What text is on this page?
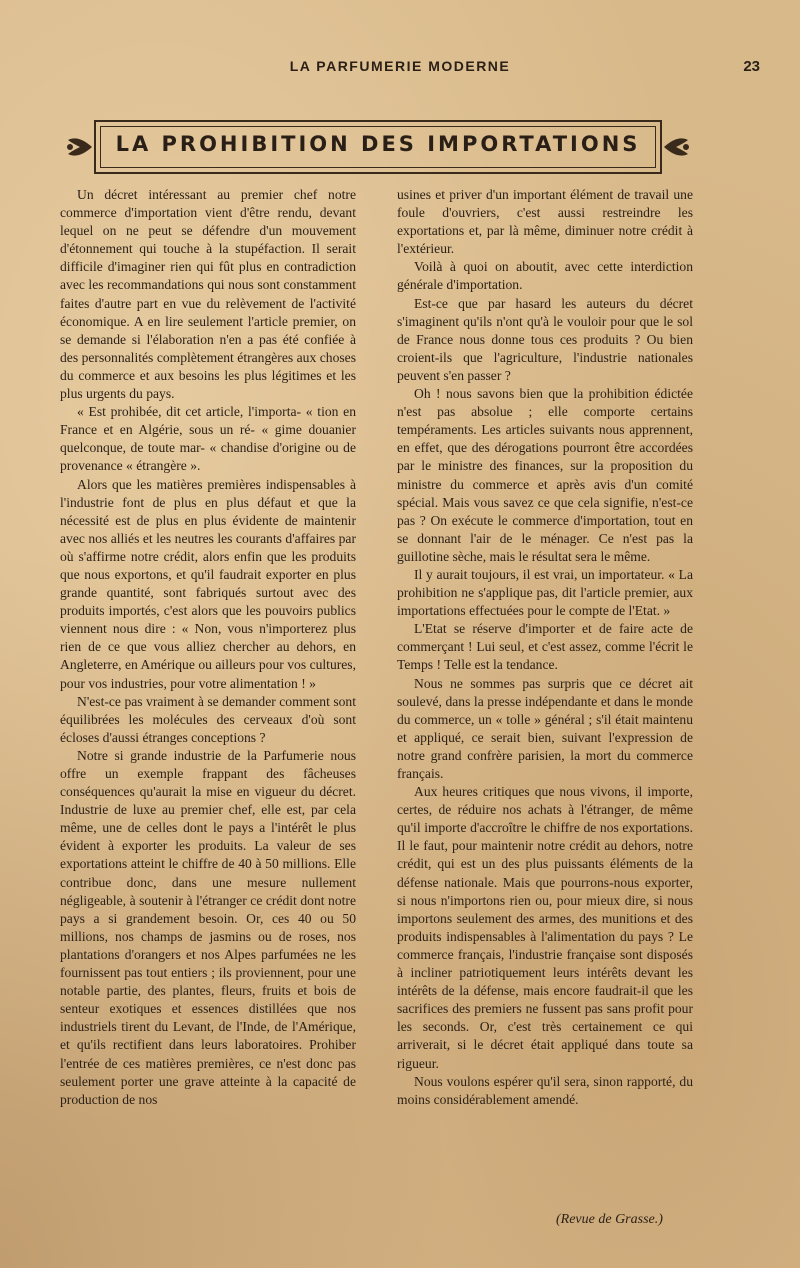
LA PARFUMERIE MODERNE	23
LA PROHIBITION DES IMPORTATIONS

Un décret intéressant au premier chef notre commerce d'importation vient d'être rendu, devant lequel on ne peut se défendre d'un mouvement d'étonnement qui touche à la stupéfaction. Il serait difficile d'imaginer rien qui fût plus en contradiction avec les recommandations qui nous sont constamment faites d'autre part en vue du relèvement de l'activité économique. A en lire seulement l'article premier, on se demande si l'élaboration n'en a pas été confiée à des personnalités complètement étrangères aux choses du commerce et aux besoins les plus légitimes et les plus urgents du pays.

« Est prohibée, dit cet article, l'importa- « tion en France et en Algérie, sous un ré- « gime douanier quelconque, de toute mar- « chandise d'origine ou de provenance « étrangère ».

Alors que les matières premières indispensables à l'industrie font de plus en plus défaut et que la nécessité est de plus en plus évidente de maintenir avec nos alliés et les neutres les courants d'affaires par où s'affirme notre crédit, alors enfin que les produits que nous exportons, et qu'il faudrait exporter en plus grande quantité, sont fabriqués surtout avec des produits importés, c'est alors que les pouvoirs publics viennent nous dire : « Non, vous n'importerez plus rien de ce que vous alliez chercher au dehors, en Angleterre, en Amérique ou ailleurs pour vos cultures, pour vos industries, pour votre alimentation ! »

N'est-ce pas vraiment à se demander comment sont équilibrées les molécules des cerveaux d'où sont écloses d'aussi étranges conceptions ?

Notre si grande industrie de la Parfumerie nous offre un exemple frappant des fâcheuses conséquences qu'aurait la mise en vigueur du décret. Industrie de luxe au premier chef, elle est, par cela même, une de celles dont le pays a l'intérêt le plus évident à exporter les produits. La valeur de ses exportations atteint le chiffre de 40 à 50 millions. Elle contribue donc, dans une mesure nullement négligeable, à soutenir à l'étranger ce crédit dont notre pays a si grandement besoin. Or, ces 40 ou 50 millions, nos champs de jasmins ou de roses, nos plantations d'orangers et nos Alpes parfumées ne les fournissent pas tout entiers ; ils proviennent, pour une notable partie, des plantes, fleurs, fruits et bois de senteur exotiques et essences distillées que nos industriels tirent du Levant, de l'Inde, de l'Amérique, et qu'ils rectifient dans leurs laboratoires. Prohiber l'entrée de ces matières premières, ce n'est donc pas seulement porter une grave atteinte à la capacité de production de nos

usines et priver d'un important élément de travail une foule d'ouvriers, c'est aussi restreindre les exportations et, par là même, diminuer notre crédit à l'extérieur.

Voilà à quoi on aboutit, avec cette interdiction générale d'importation.

Est-ce que par hasard les auteurs du décret s'imaginent qu'ils n'ont qu'à le vouloir pour que le sol de France nous donne tous ces produits ? Ou bien croient-ils que l'agriculture, l'industrie nationales peuvent s'en passer ?

Oh ! nous savons bien que la prohibition édictée n'est pas absolue ; elle comporte certains tempéraments. Les articles suivants nous apprennent, en effet, que des dérogations pourront être accordées par le ministre des finances, sur la proposition du ministre du commerce et après avis d'un comité spécial. Mais vous savez ce que cela signifie, n'est-ce pas ? On exécute le commerce d'importation, tout en se donnant l'air de le ménager. Ce n'est pas la guillotine sèche, mais le résultat sera le même.

Il y aurait toujours, il est vrai, un importateur. « La prohibition ne s'applique pas, dit l'article premier, aux importations effectuées pour le compte de l'Etat. »

L'Etat se réserve d'importer et de faire acte de commerçant ! Lui seul, et c'est assez, comme l'écrit le Temps ! Telle est la tendance.

Nous ne sommes pas surpris que ce décret ait soulevé, dans la presse indépendante et dans le monde du commerce, un « tolle » général ; s'il était maintenu et appliqué, ce serait bien, suivant l'expression de notre grand confrère parisien, la mort du commerce français.

Aux heures critiques que nous vivons, il importe, certes, de réduire nos achats à l'étranger, de même qu'il importe d'accroître le chiffre de nos exportations. Il le faut, pour maintenir notre crédit au dehors, notre crédit, qui est un des plus puissants éléments de la défense nationale. Mais que pourrons-nous exporter, si nous n'importons rien ou, pour mieux dire, si nous importons seulement des armes, des munitions et des produits indispensables à l'alimentation du pays ? Le commerce français, l'industrie française sont disposés à incliner patriotiquement leurs intérêts devant les intérêts de la défense, mais encore faudrait-il que les sacrifices des premiers ne fussent pas sans profit pour les seconds. Or, c'est très certainement ce qui arriverait, si le décret était appliqué dans toute sa rigueur.

Nous voulons espérer qu'il sera, sinon rapporté, du moins considérablement amendé.

(Revue de Grasse.)
